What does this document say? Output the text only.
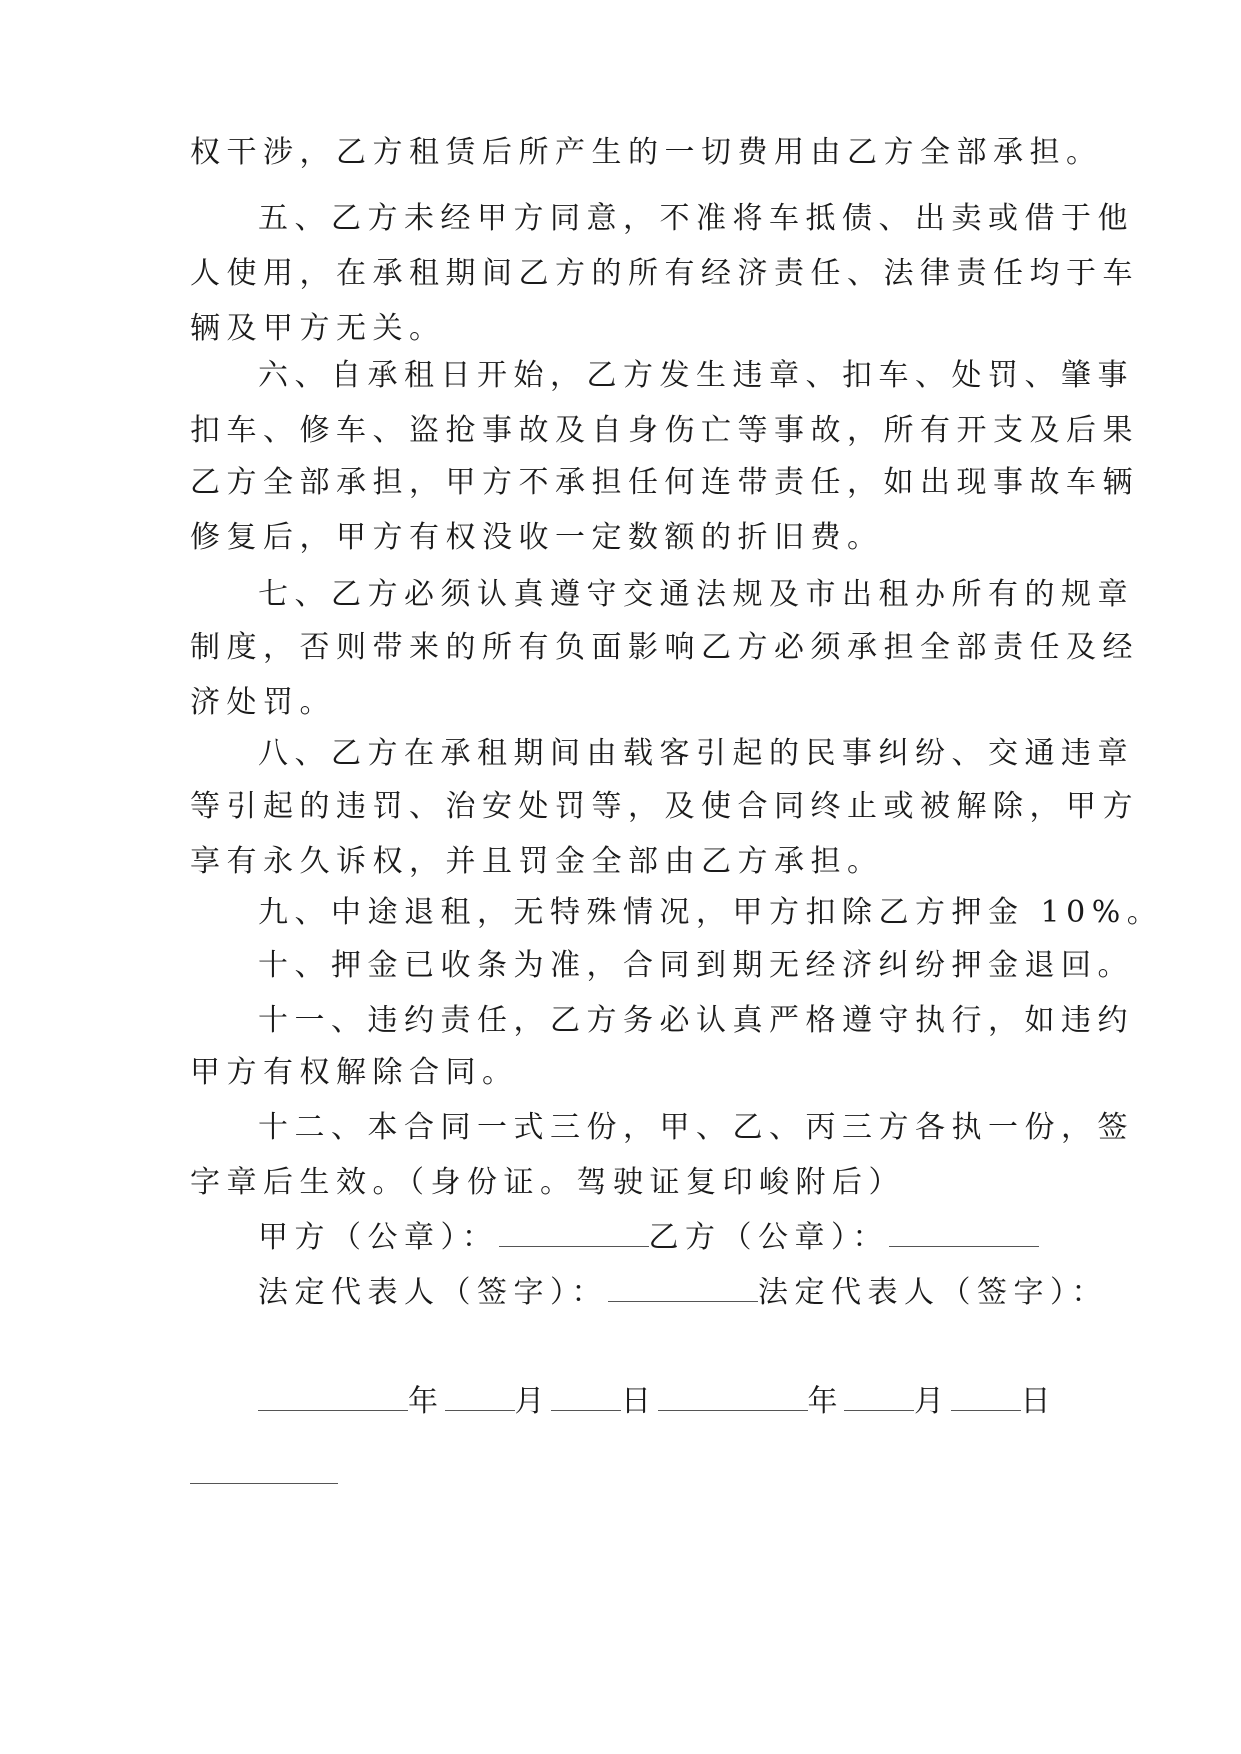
权干涉，乙方租赁后所产生的一切费用由乙方全部承担。
五、乙方未经甲方同意，不准将车抵债、出卖或借于他
人使用，在承租期间乙方的所有经济责任、法律责任均于车
辆及甲方无关。
六、自承租日开始，乙方发生违章、扣车、处罚、肇事
扣车、修车、盗抢事故及自身伤亡等事故，所有开支及后果
乙方全部承担，甲方不承担任何连带责任，如出现事故车辆
修复后，甲方有权没收一定数额的折旧费。
七、乙方必须认真遵守交通法规及市出租办所有的规章
制度，否则带来的所有负面影响乙方必须承担全部责任及经
济处罚。
八、乙方在承租期间由载客引起的民事纠纷、交通违章
等引起的违罚、治安处罚等，及使合同终止或被解除，甲方
享有永久诉权，并且罚金全部由乙方承担。
九、中途退租，无特殊情况，甲方扣除乙方押金 10%。
十、押金已收条为准，合同到期无经济纠纷押金退回。
十一、违约责任，乙方务必认真严格遵守执行，如违约
甲方有权解除合同。
十二、本合同一式三份，甲、乙、丙三方各执一份，签
字章后生效。（身份证。驾驶证复印峻附后）
甲方（公章）：	乙方（公章）：
法定代表人（签字）：	法定代表人（签字）：
年 月 日	年 月 日
